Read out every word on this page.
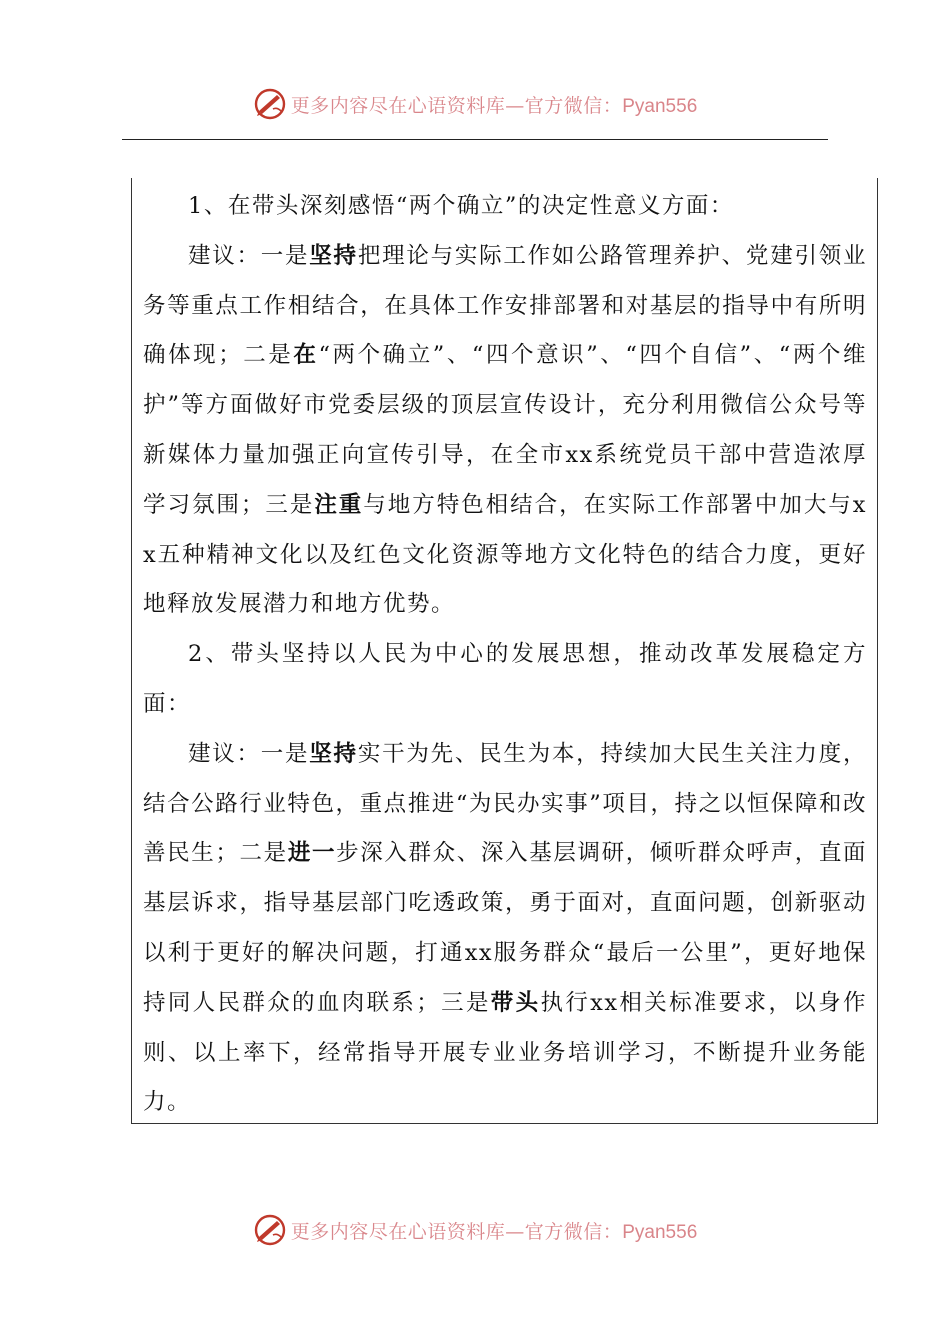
更多内容尽在心语资料库—官方微信：Pyan556

1、在带头深刻感悟“两个确立”的决定性意义方面：

建议：一是坚持把理论与实际工作如公路管理养护、党建引领业务等重点工作相结合，在具体工作安排部署和对基层的指导中有所明确体现；二是在“两个确立”、“四个意识”、“四个自信”、“两个维护”等方面做好市党委层级的顶层宣传设计，充分利用微信公众号等新媒体力量加强正向宣传引导，在全市xx系统党员干部中营造浓厚学习氛围；三是注重与地方特色相结合，在实际工作部署中加大与xx五种精神文化以及红色文化资源等地方文化特色的结合力度，更好地释放发展潜力和地方优势。

2、带头坚持以人民为中心的发展思想，推动改革发展稳定方面：

建议：一是坚持实干为先、民生为本，持续加大民生关注力度，结合公路行业特色，重点推进“为民办实事”项目，持之以恒保障和改善民生；二是进一步深入群众、深入基层调研，倾听群众呼声，直面基层诉求，指导基层部门吃透政策，勇于面对，直面问题，创新驱动以利于更好的解决问题，打通xx服务群众“最后一公里”，更好地保持同人民群众的血肉联系；三是带头执行xx相关标准要求，以身作则、以上率下，经常指导开展专业业务培训学习，不断提升业务能力。

更多内容尽在心语资料库—官方微信：Pyan556
